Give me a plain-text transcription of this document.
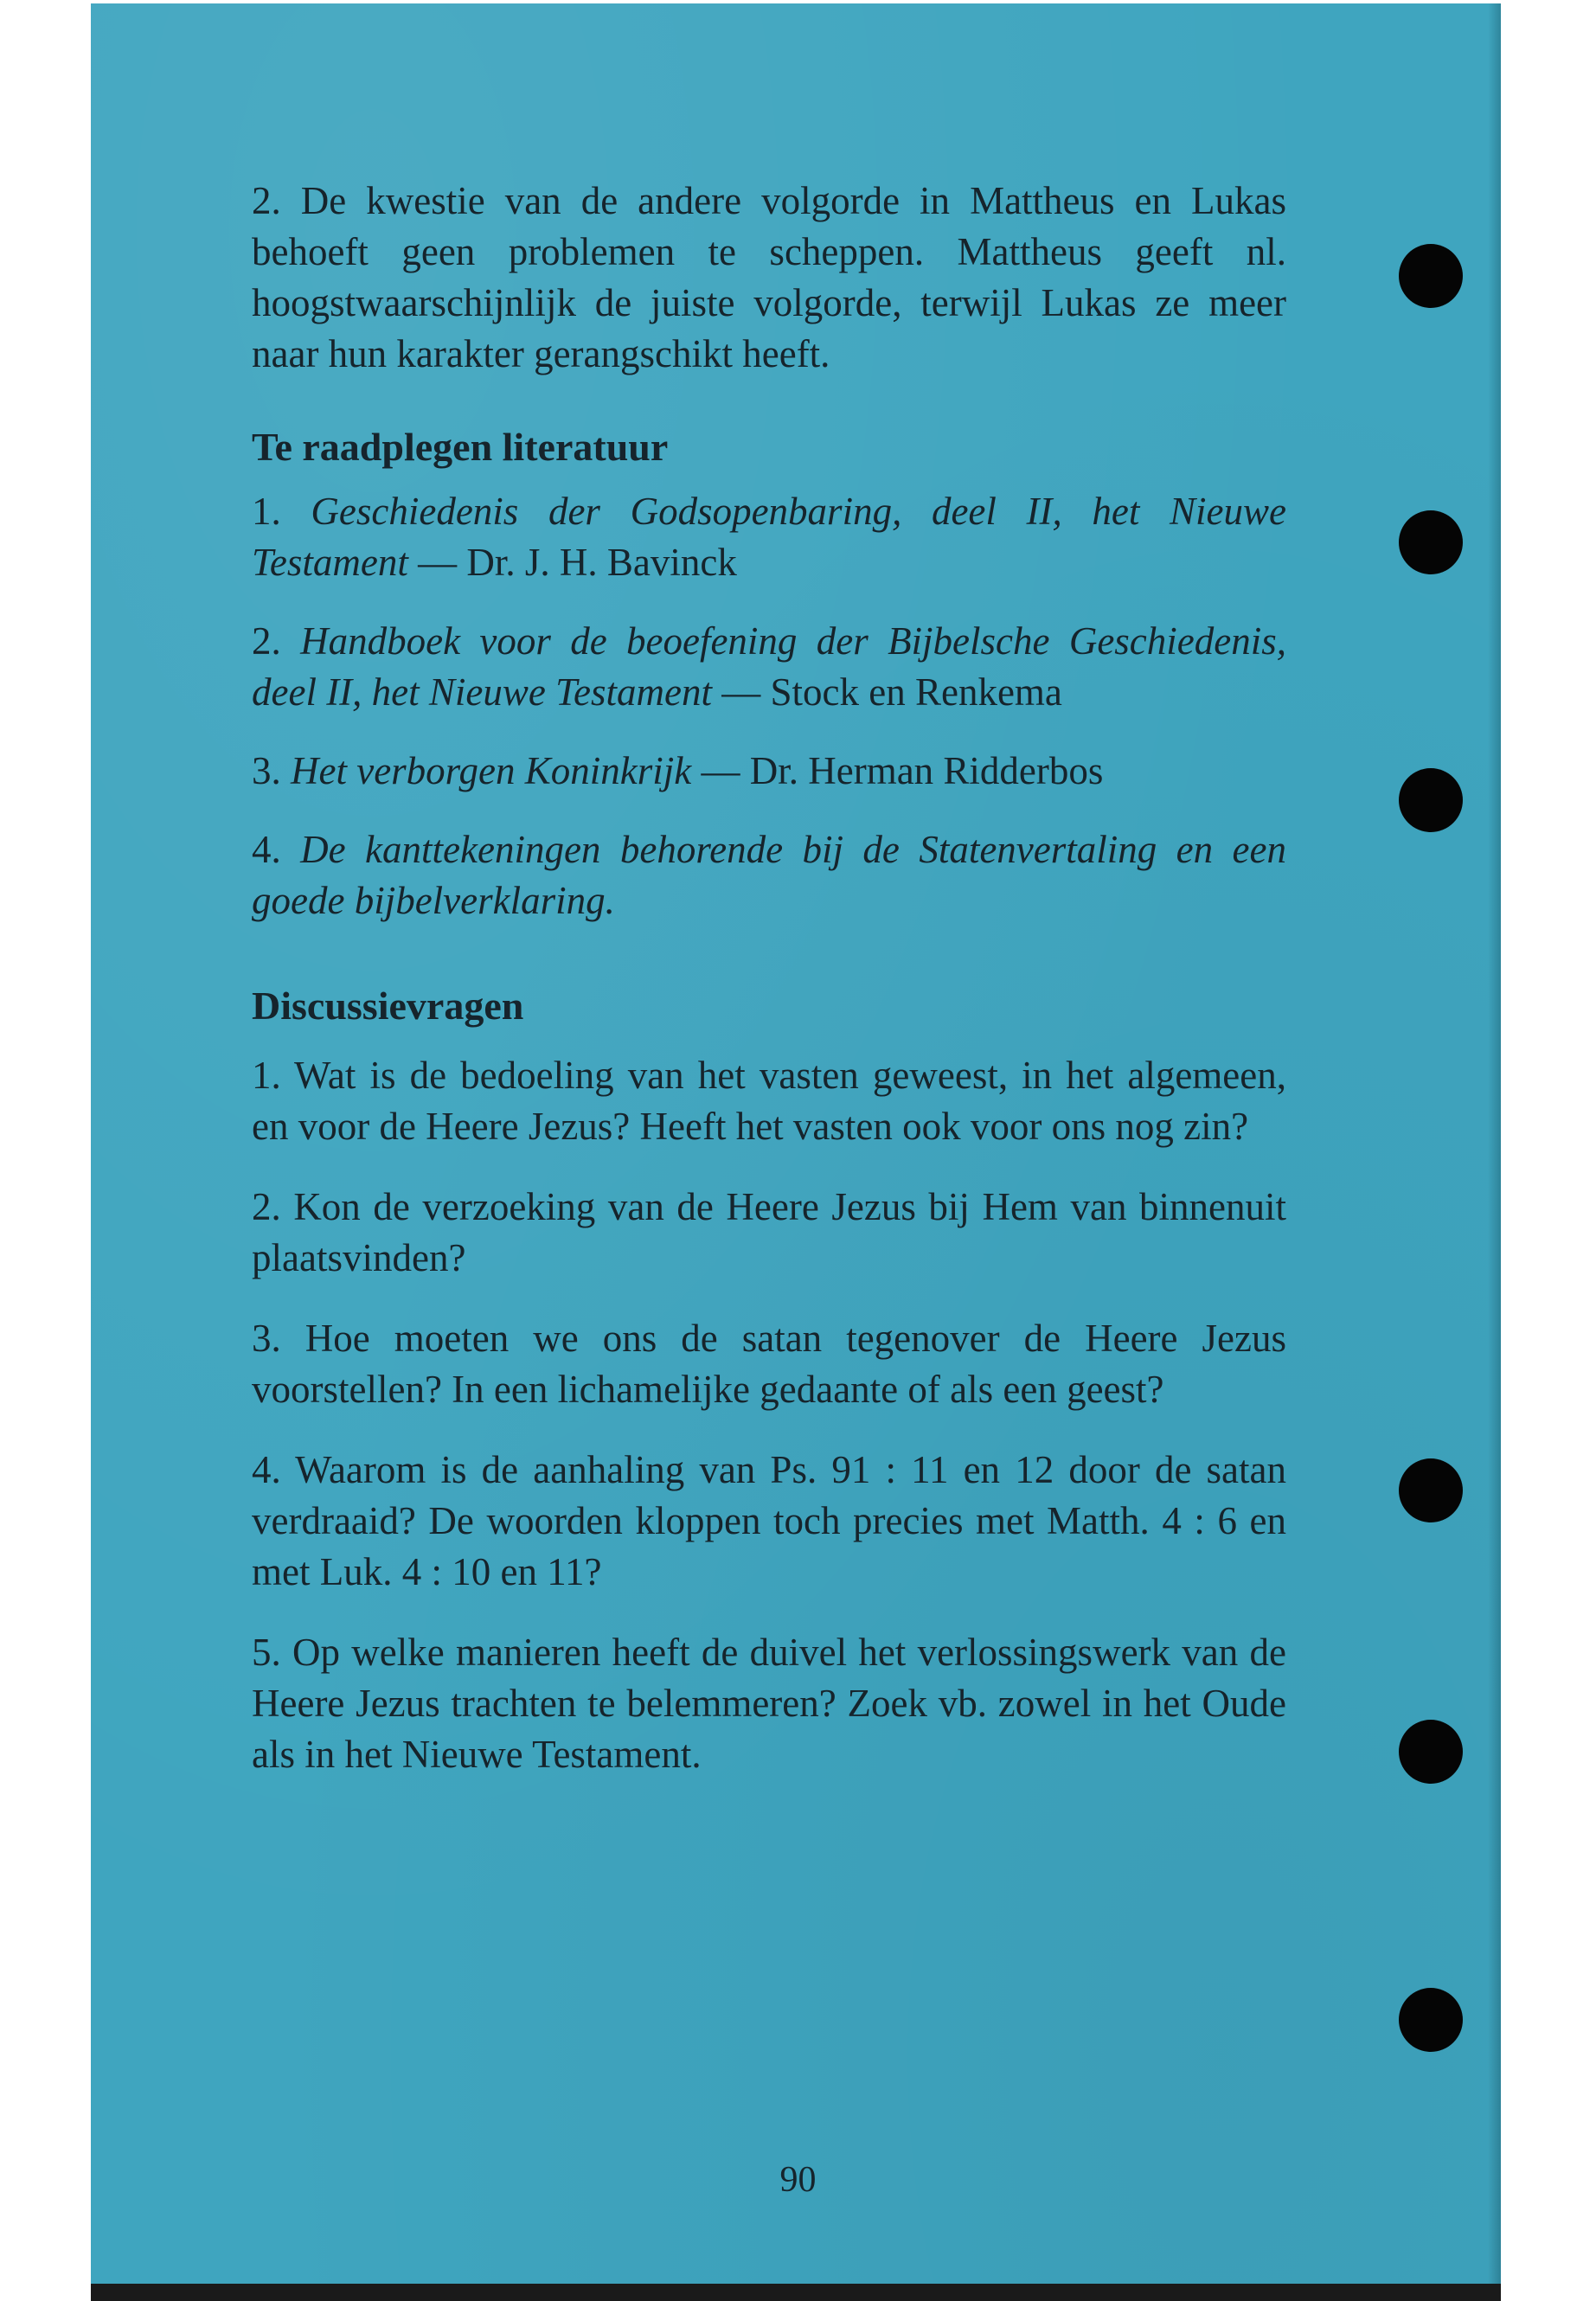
2. De kwestie van de andere volgorde in Mattheus en Lukas behoeft geen problemen te scheppen. Mattheus geeft nl. hoogstwaarschijnlijk de juiste volgorde, terwijl Lukas ze meer naar hun karakter gerangschikt heeft.

Te raadplegen literatuur

1. Geschiedenis der Godsopenbaring, deel II, het Nieuwe Testament — Dr. J. H. Bavinck

2. Handboek voor de beoefening der Bijbelsche Geschiedenis, deel II, het Nieuwe Testament — Stock en Renkema

3. Het verborgen Koninkrijk — Dr. Herman Ridderbos

4. De kanttekeningen behorende bij de Statenvertaling en een goede bijbelverklaring.

Discussievragen

1. Wat is de bedoeling van het vasten geweest, in het algemeen, en voor de Heere Jezus? Heeft het vasten ook voor ons nog zin?

2. Kon de verzoeking van de Heere Jezus bij Hem van binnenuit plaatsvinden?

3. Hoe moeten we ons de satan tegenover de Heere Jezus voorstellen? In een lichamelijke gedaante of als een geest?

4. Waarom is de aanhaling van Ps. 91 : 11 en 12 door de satan verdraaid? De woorden kloppen toch precies met Matth. 4 : 6 en met Luk. 4 : 10 en 11?

5. Op welke manieren heeft de duivel het verlossingswerk van de Heere Jezus trachten te belemmeren? Zoek vb. zowel in het Oude als in het Nieuwe Testament.

90
